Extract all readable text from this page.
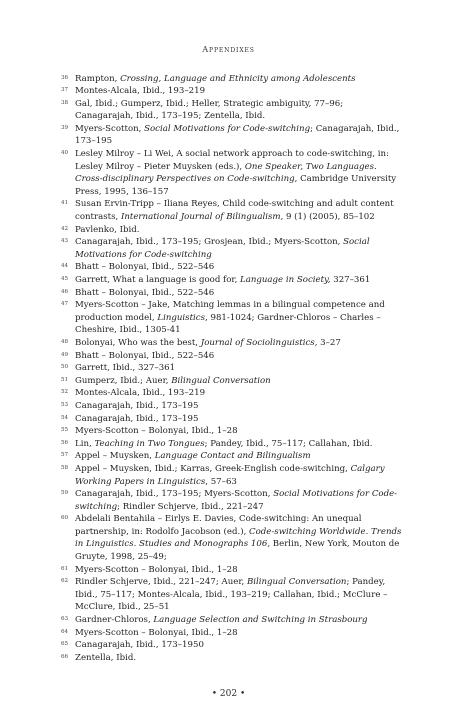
Appendixes
36 Rampton, Crossing, Language and Ethnicity among Adolescents
37 Montes-Alcala, Ibid., 193–219
38 Gal, Ibid.; Gumperz, Ibid.; Heller, Strategic ambiguity, 77–96; Canagarajah, Ibid., 173–195; Zentella, Ibid.
39 Myers-Scotton, Social Motivations for Code-switching; Canagarajah, Ibid., 173–195
40 Lesley Milroy – Li Wei, A social network approach to code-switching, in: Lesley Milroy – Pieter Muysken (eds.), One Speaker, Two Languages. Cross-disciplinary Perspectives on Code-switching, Cambridge University Press, 1995, 136–157
41 Susan Ervin-Tripp – Iliana Reyes, Child code-switching and adult content contrasts, International Journal of Bilingualism, 9 (1) (2005), 85–102
42 Pavlenko, Ibid.
43 Canagarajah, Ibid., 173–195; Grosjean, Ibid.; Myers-Scotton, Social Motivations for Code-switching
44 Bhatt – Bolonyai, Ibid., 522–546
45 Garrett, What a language is good for, Language in Society, 327–361
46 Bhatt – Bolonyai, Ibid., 522–546
47 Myers-Scotton – Jake, Matching lemmas in a bilingual competence and production model, Linguistics, 981-1024; Gardner-Chloros – Charles – Cheshire, Ibid., 1305-41
48 Bolonyai, Who was the best, Journal of Sociolinguistics, 3–27
49 Bhatt – Bolonyai, Ibid., 522–546
50 Garrett, Ibid., 327–361
51 Gumperz, Ibid.; Auer, Bilingual Conversation
52 Montes-Alcala, Ibid., 193–219
53 Canagarajah, Ibid., 173–195
54 Canagarajah, Ibid., 173–195
55 Myers-Scotton – Bolonyai, Ibid., 1–28
56 Lin, Teaching in Two Tongues; Pandey, Ibid., 75–117; Callahan, Ibid.
57 Appel – Muysken, Language Contact and Bilingualism
58 Appel – Muysken, Ibid.; Karras, Greek-English code-switching, Calgary Working Papers in Linguistics, 57–63
59 Canagarajah, Ibid., 173–195; Myers-Scotton, Social Motivations for Code-switching; Rindler Schjerve, Ibid., 221–247
60 Abdelali Bentahila – Eirlys E. Davies, Code-switching: An unequal partnership, in: Rodolfo Jacobson (ed.), Code-switching Worldwide. Trends in Linguistics. Studies and Monographs 106, Berlin, New York, Mouton de Gruyte, 1998, 25–49;
61 Myers-Scotton – Bolonyai, Ibid., 1–28
62 Rindler Schjerve, Ibid., 221–247; Auer, Bilingual Conversation; Pandey, Ibid., 75–117; Montes-Alcala, Ibid., 193–219; Callahan, Ibid.; McClure – McClure, Ibid., 25–51
63 Gardner-Chloros, Language Selection and Switching in Strasbourg
64 Myers-Scotton – Bolonyai, Ibid., 1–28
65 Canagarajah, Ibid., 173–1950
66 Zentella, Ibid.
• 202 •
